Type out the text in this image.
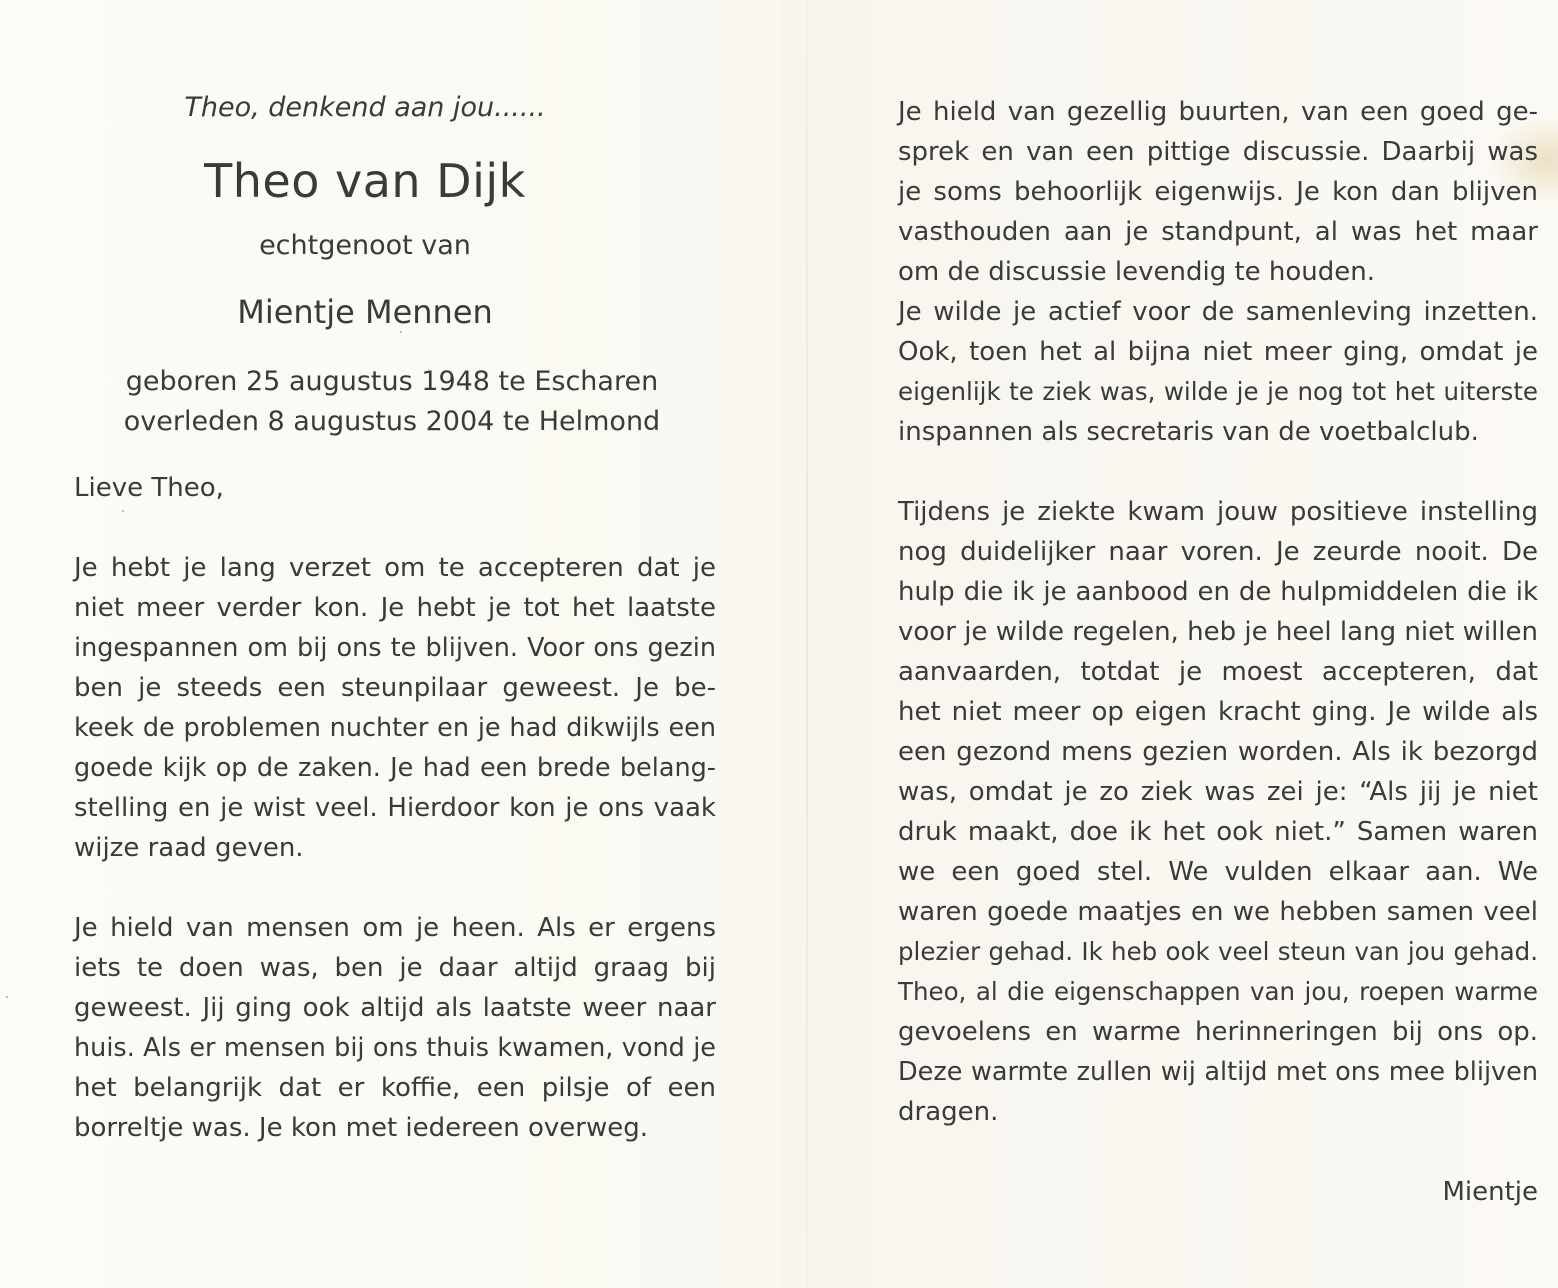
Theo, denkend aan jou......

Theo van Dijk

echtgenoot van

Mientje Mennen

geboren 25 augustus 1948 te Escharen

overleden 8 augustus 2004 te Helmond

Lieve Theo,

Je hebt je lang verzet om te accepteren dat je
niet meer verder kon. Je hebt je tot het laatste
ingespannen om bij ons te blijven. Voor ons gezin
ben je steeds een steunpilaar geweest. Je be-
keek de problemen nuchter en je had dikwijls een
goede kijk op de zaken. Je had een brede belang-
stelling en je wist veel. Hierdoor kon je ons vaak
wijze raad geven.
Je hield van mensen om je heen. Als er ergens
iets te doen was, ben je daar altijd graag bij
geweest. Jij ging ook altijd als laatste weer naar
huis. Als er mensen bij ons thuis kwamen, vond je
het belangrijk dat er koffie, een pilsje of een
borreltje was. Je kon met iedereen overweg.
Je hield van gezellig buurten, van een goed ge-
sprek en van een pittige discussie. Daarbij was
je soms behoorlijk eigenwijs. Je kon dan blijven
vasthouden aan je standpunt, al was het maar
om de discussie levendig te houden.
Je wilde je actief voor de samenleving inzetten.
Ook, toen het al bijna niet meer ging, omdat je
eigenlijk te ziek was, wilde je je nog tot het uiterste
inspannen als secretaris van de voetbalclub.
Tijdens je ziekte kwam jouw positieve instelling
nog duidelijker naar voren. Je zeurde nooit. De
hulp die ik je aanbood en de hulpmiddelen die ik
voor je wilde regelen, heb je heel lang niet willen
aanvaarden, totdat je moest accepteren, dat
het niet meer op eigen kracht ging. Je wilde als
een gezond mens gezien worden. Als ik bezorgd
was, omdat je zo ziek was zei je: “Als jij je niet
druk maakt, doe ik het ook niet.” Samen waren
we een goed stel. We vulden elkaar aan. We
waren goede maatjes en we hebben samen veel
plezier gehad. Ik heb ook veel steun van jou gehad.
Theo, al die eigenschappen van jou, roepen warme
gevoelens en warme herinneringen bij ons op.
Deze warmte zullen wij altijd met ons mee blijven
dragen.

Mientje
